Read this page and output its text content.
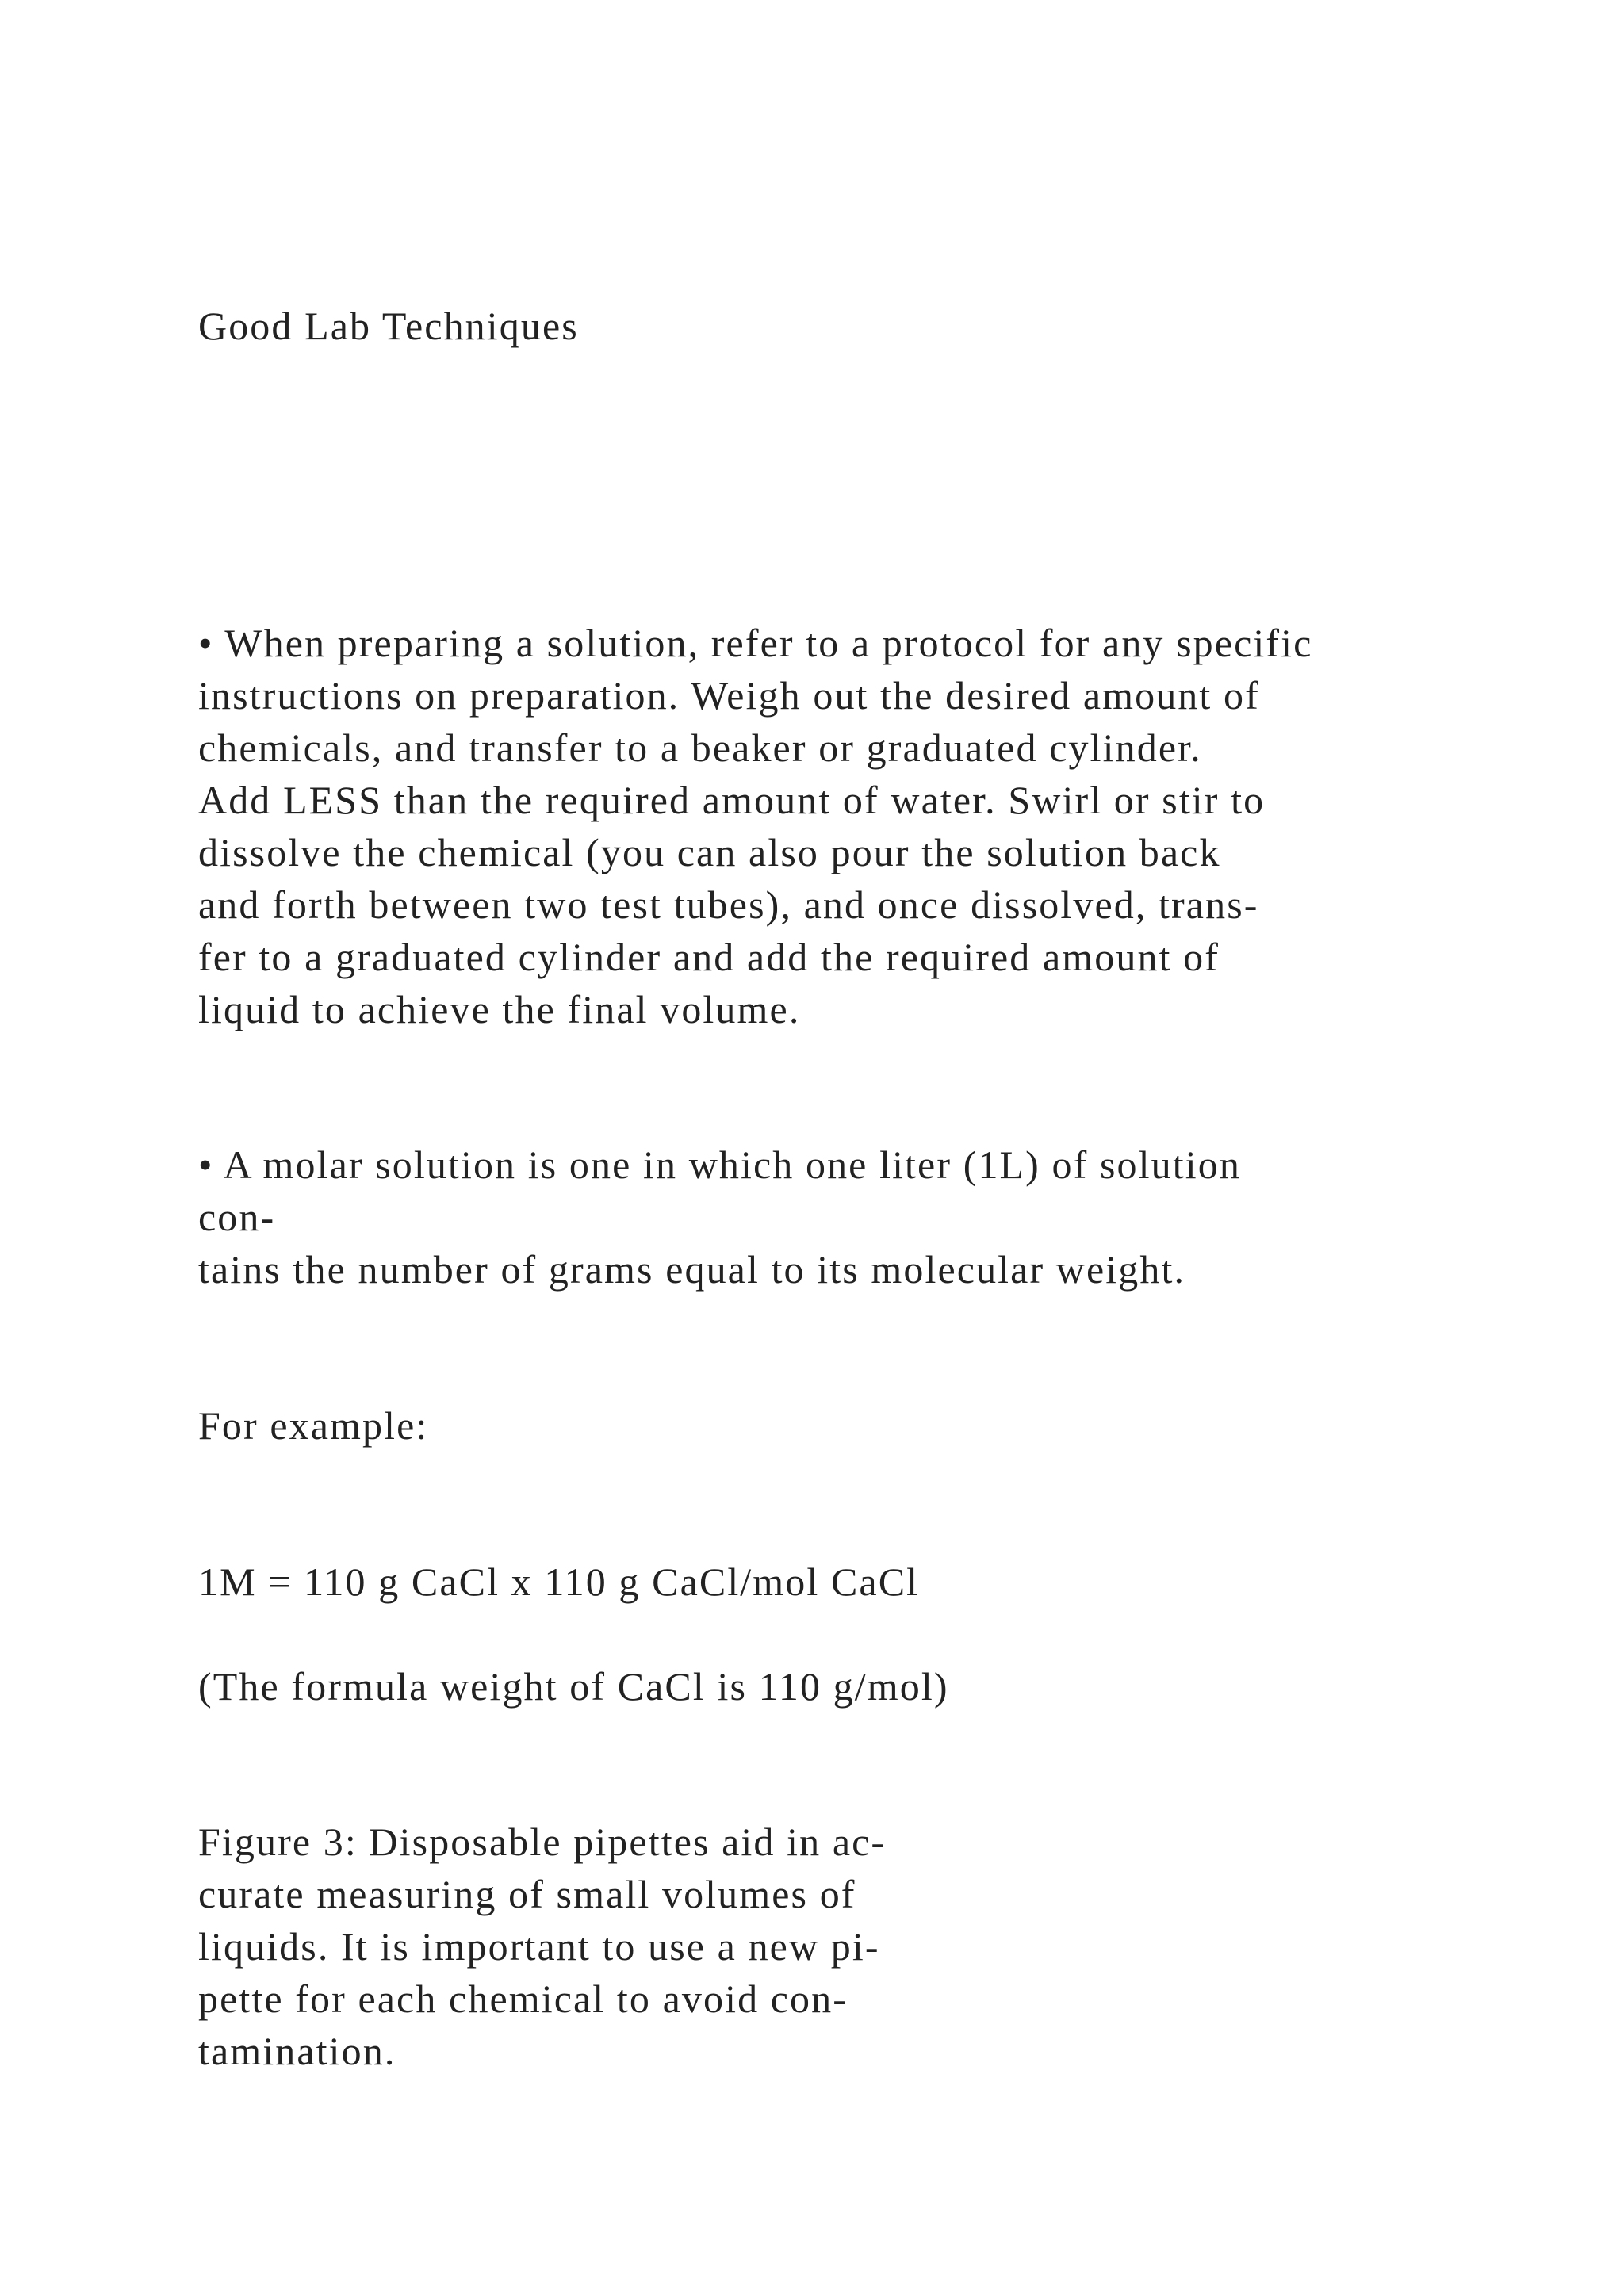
Good Lab Techniques

• When preparing a solution, refer to a protocol for any specific

instructions on preparation. Weigh out the desired amount of

chemicals, and transfer to a beaker or graduated cylinder.

Add LESS than the required amount of water. Swirl or stir to

dissolve the chemical (you can also pour the solution back

and forth between two test tubes), and once dissolved, trans-

fer to a graduated cylinder and add the required amount of

liquid to achieve the final volume.

• A molar solution is one in which one liter (1L) of solution

con-

tains the number of grams equal to its molecular weight.

For example:

1M = 110 g CaCl x 110 g CaCl/mol CaCl

(The formula weight of CaCl is 110 g/mol)

Figure 3: Disposable pipettes aid in ac-

curate measuring of small volumes of

liquids. It is important to use a new pi-

pette for each chemical to avoid con-

tamination.
